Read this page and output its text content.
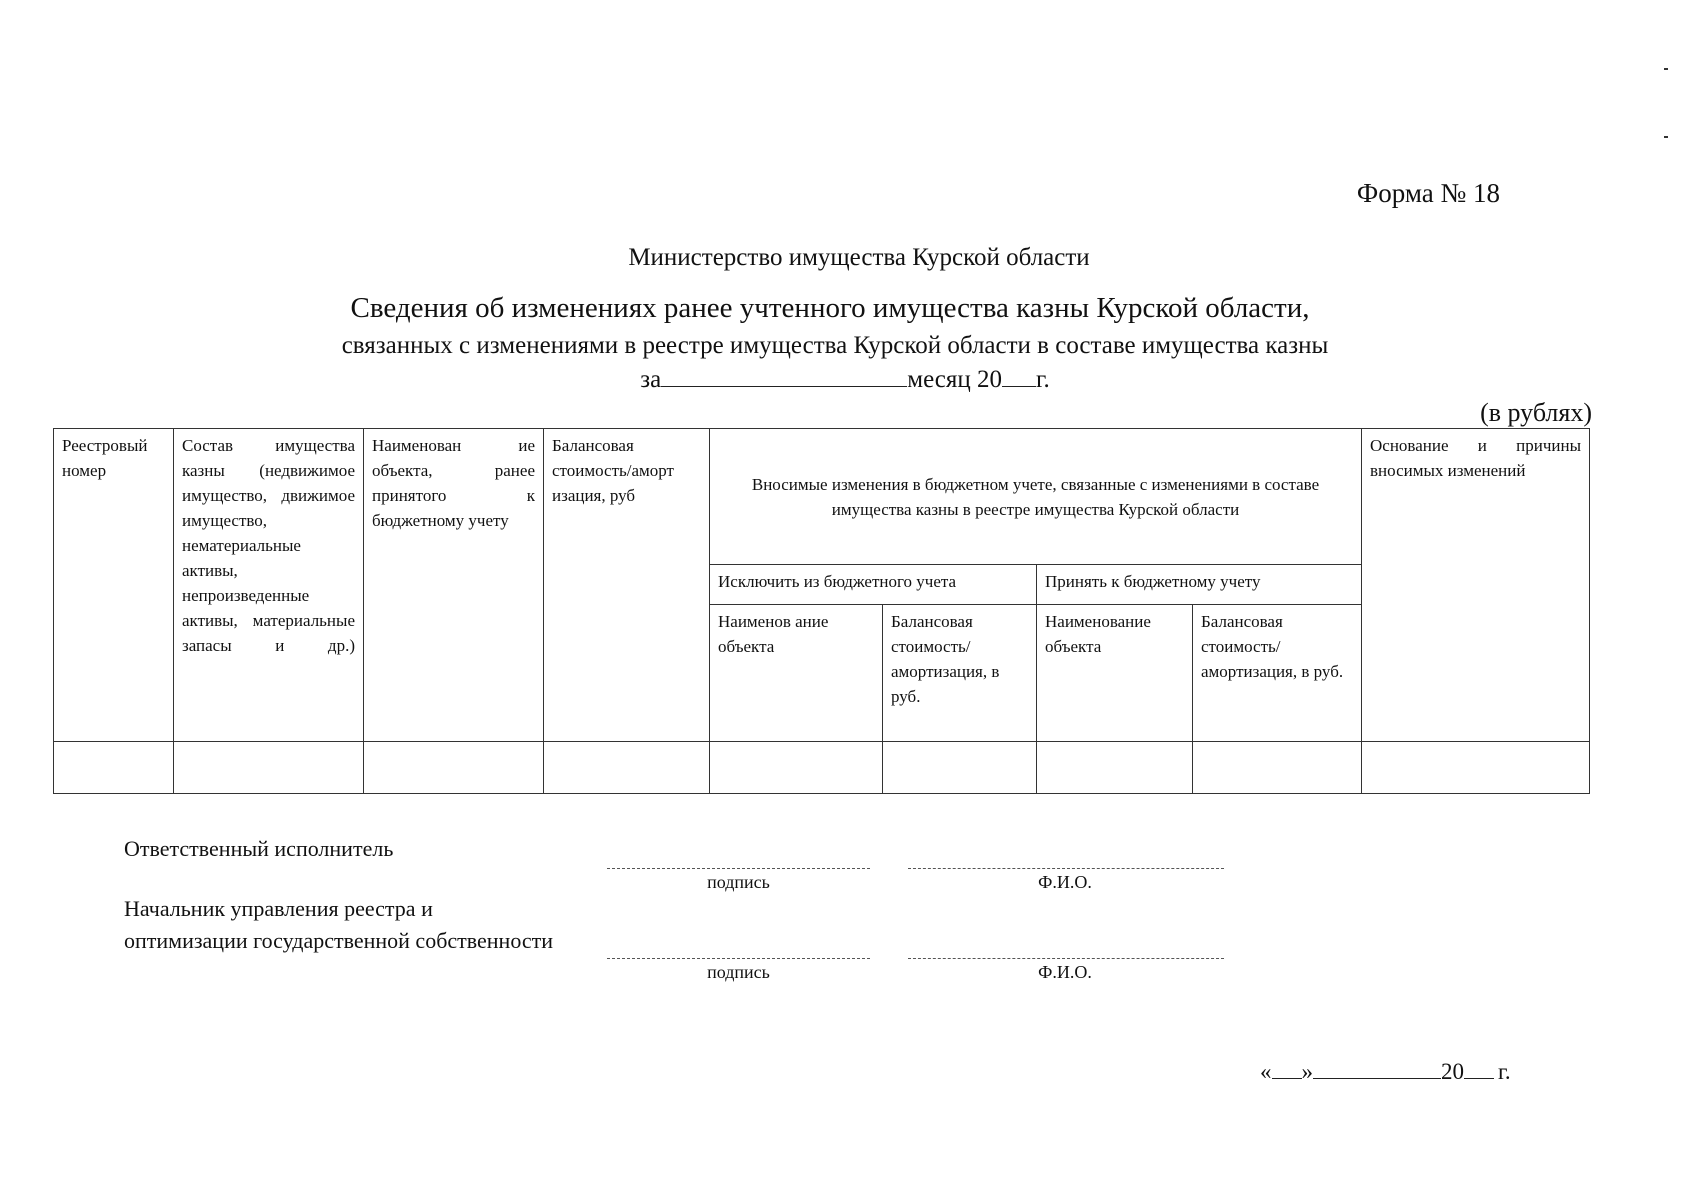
Форма № 18
Министерство имущества Курской области
Сведения об изменениях ранее учтенного имущества казны Курской области,
связанных с изменениями в реестре имущества Курской области в составе имущества казны
за	месяц 20 г.
(в рублях)
Реестровый номер	Состав имущества казны (недвижимое имущество, движимое имущество, нематериальные активы, непроизведенные активы, материальные запасы и др.)	Наименован ие объекта, ранее принятого к бюджетному учету	Балансовая стоимость/аморт изация, руб	Вносимые изменения в бюджетном учете, связанные с изменениями в составе имущества казны в реестре имущества Курской области				Основание и причины вносимых изменений
				Исключить из бюджетного учета		Принять к бюджетному учету		
				Наименов ание объекта	Балансовая стоимость/ амортизация, в руб.	Наименование объекта	Балансовая стоимость/ амортизация, в руб.	

Ответственный исполнитель
подпись	Ф.И.О.
Начальник управления реестра и
оптимизации государственной собственности
подпись	Ф.И.О.
« »	20 г.
